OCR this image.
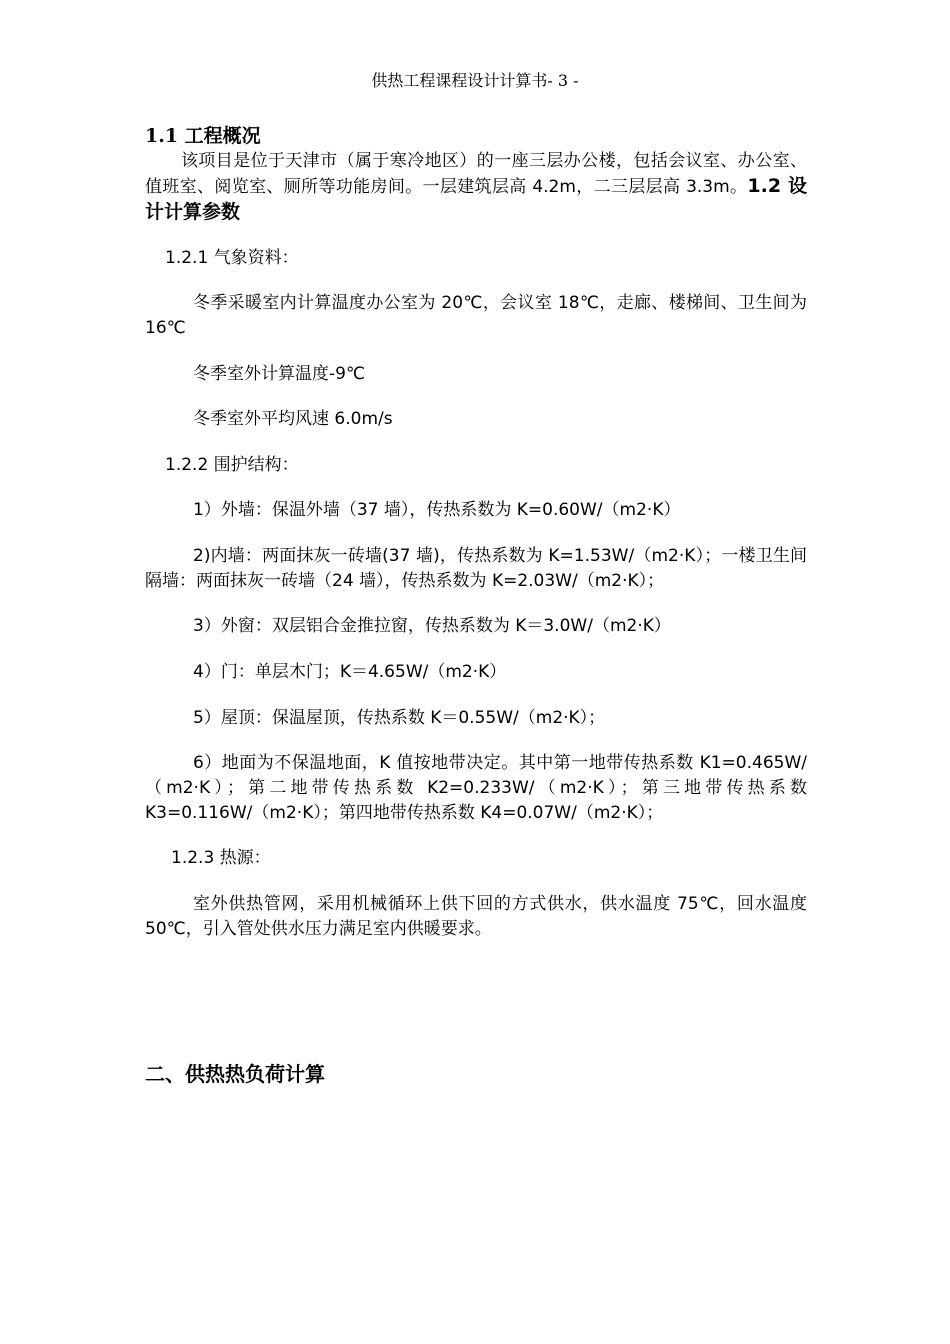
供热工程课程设计计算书- 3 -

1.1 工程概况

该项目是位于天津市（属于寒冷地区）的一座三层办公楼，包括会议室、办公室、值班室、阅览室、厕所等功能房间。一层建筑层高 4.2m，二三层层高 3.3m。1.2 设计计算参数

1.2.1 气象资料：

冬季采暖室内计算温度办公室为 20℃，会议室 18℃，走廊、楼梯间、卫生间为 16℃

冬季室外计算温度-9℃

冬季室外平均风速 6.0m/s

1.2.2 围护结构：

1）外墙：保温外墙（37 墙），传热系数为 K=0.60W/（m2·K）

2)内墙：两面抹灰一砖墙(37 墙)，传热系数为 K=1.53W/（m2·K）；一楼卫生间隔墙：两面抹灰一砖墙（24 墙），传热系数为 K=2.03W/（m2·K）；

3）外窗：双层铝合金推拉窗，传热系数为 K＝3.0W/（m2·K）

4）门：单层木门；K＝4.65W/（m2·K）

5）屋顶：保温屋顶，传热系数 K＝0.55W/（m2·K）；

6）地面为不保温地面，K 值按地带决定。其中第一地带传热系数 K1=0.465W/（m2·K）；第二地带传热系数 K2=0.233W/（m2·K）；第三地带传热系数 K3=0.116W/（m2·K）；第四地带传热系数 K4=0.07W/（m2·K）；

1.2.3 热源：

室外供热管网，采用机械循环上供下回的方式供水，供水温度 75℃，回水温度 50℃，引入管处供水压力满足室内供暖要求。

二、供热热负荷计算
